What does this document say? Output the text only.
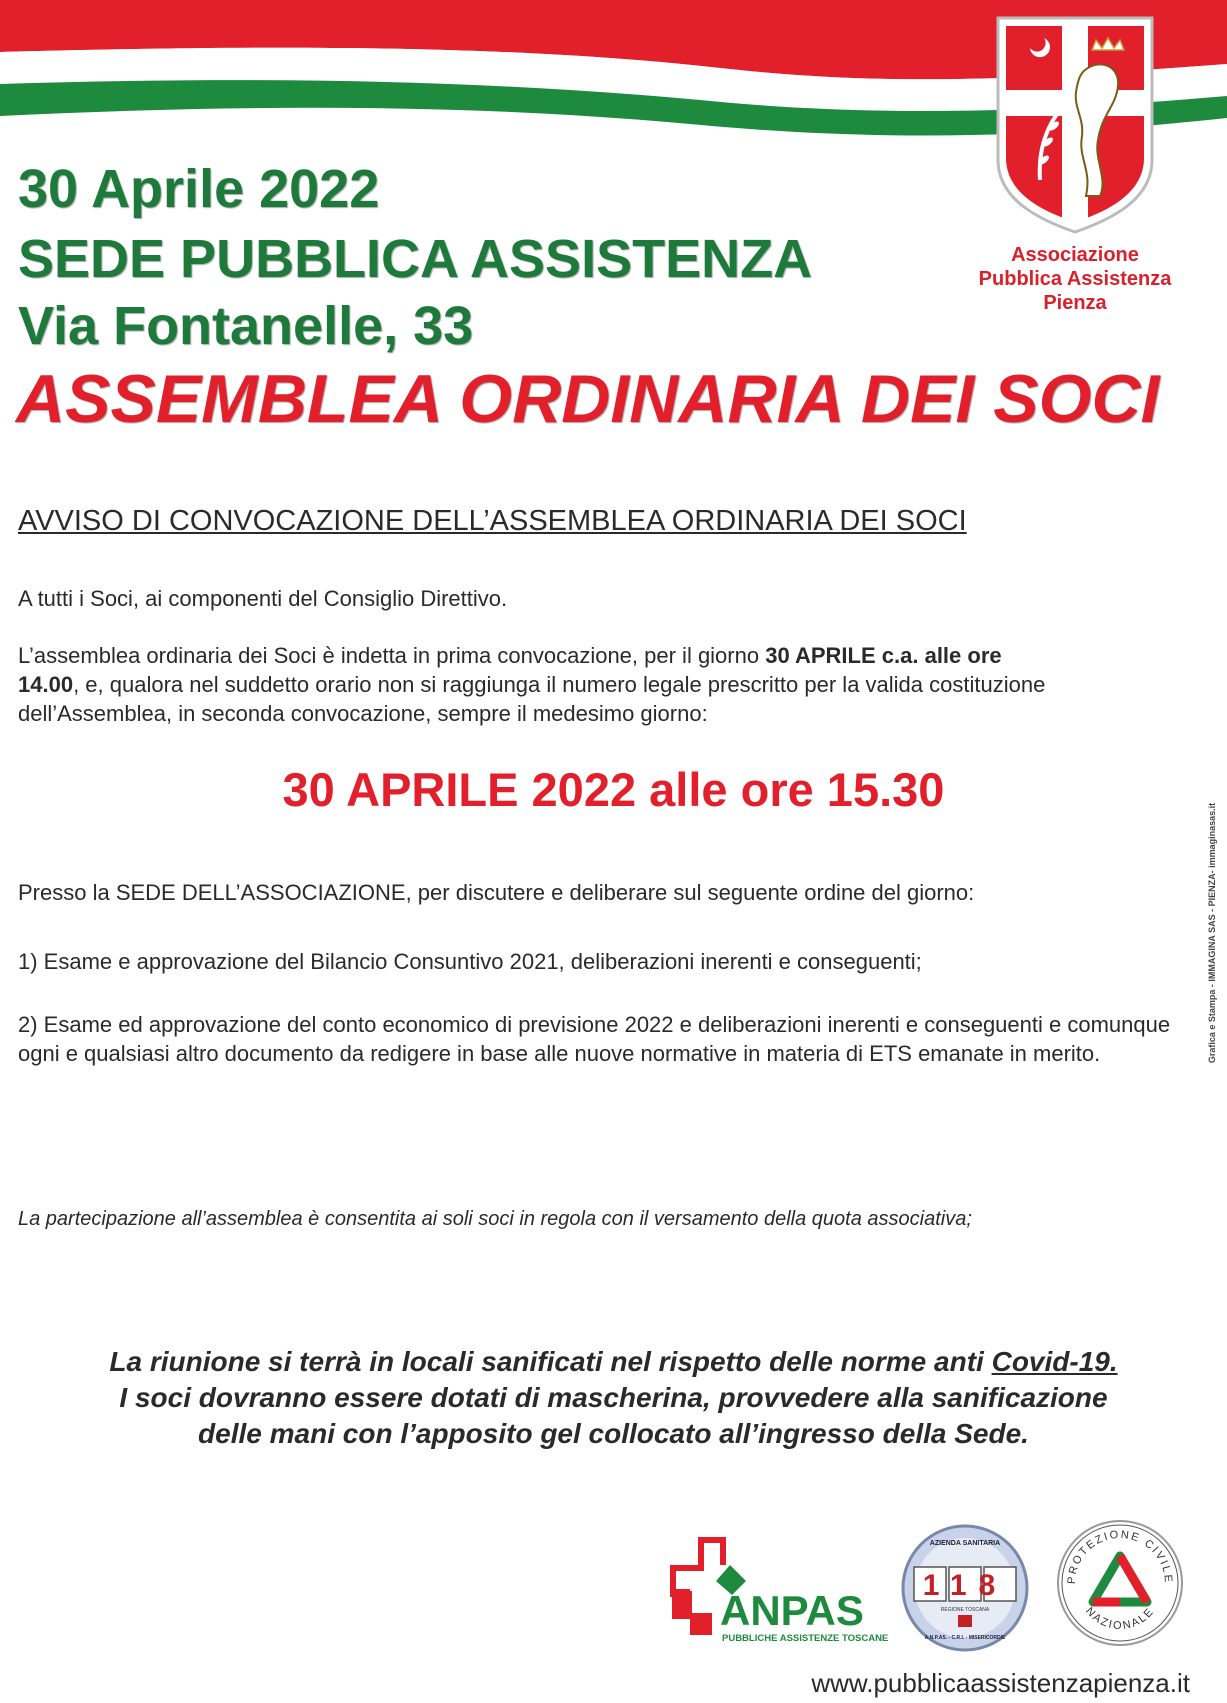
30 Aprile 2022
SEDE PUBBLICA ASSISTENZA
Via Fontanelle, 33
ASSEMBLEA ORDINARIA DEI SOCI
Associazione
Pubblica Assistenza
Pienza
AVVISO DI CONVOCAZIONE DELL’ASSEMBLEA ORDINARIA DEI SOCI
A tutti i Soci, ai componenti del Consiglio Direttivo.
L’assemblea ordinaria dei Soci è indetta in prima convocazione, per il giorno 30 APRILE c.a. alle ore
14.00, e, qualora nel suddetto orario non si raggiunga il numero legale prescritto per la valida costituzione dell’Assemblea, in seconda convocazione, sempre il medesimo giorno:
30 APRILE 2022 alle ore 15.30
Presso la SEDE DELL’ASSOCIAZIONE, per discutere e deliberare sul seguente ordine del giorno:
1) Esame e approvazione del Bilancio Consuntivo 2021, deliberazioni inerenti e conseguenti;
2) Esame ed approvazione del conto economico di previsione 2022 e deliberazioni inerenti e conseguenti e comunque ogni e qualsiasi altro documento da redigere in base alle nuove normative in materia di ETS emanate in merito.
La partecipazione all’assemblea è consentita ai soli soci in regola con il versamento della quota associativa;
La riunione si terrà in locali sanificati nel rispetto delle norme anti Covid-19.
I soci dovranno essere dotati di mascherina, provvedere alla sanificazione
delle mani con l’apposito gel collocato all’ingresso della Sede.
Grafica e Stampa - IMMAGINA SAS - PIENZA- immaginasas.it
ANPAS
PUBBLICHE ASSISTENZE TOSCANE
AZIENDA SANITARIA
118
REGIONE TOSCANA
A.N.P.AS. - C.R.I. - MISERICORDIE
PROTEZIONE CIVILE
NAZIONALE
www.pubblicaassistenzapienza.it
